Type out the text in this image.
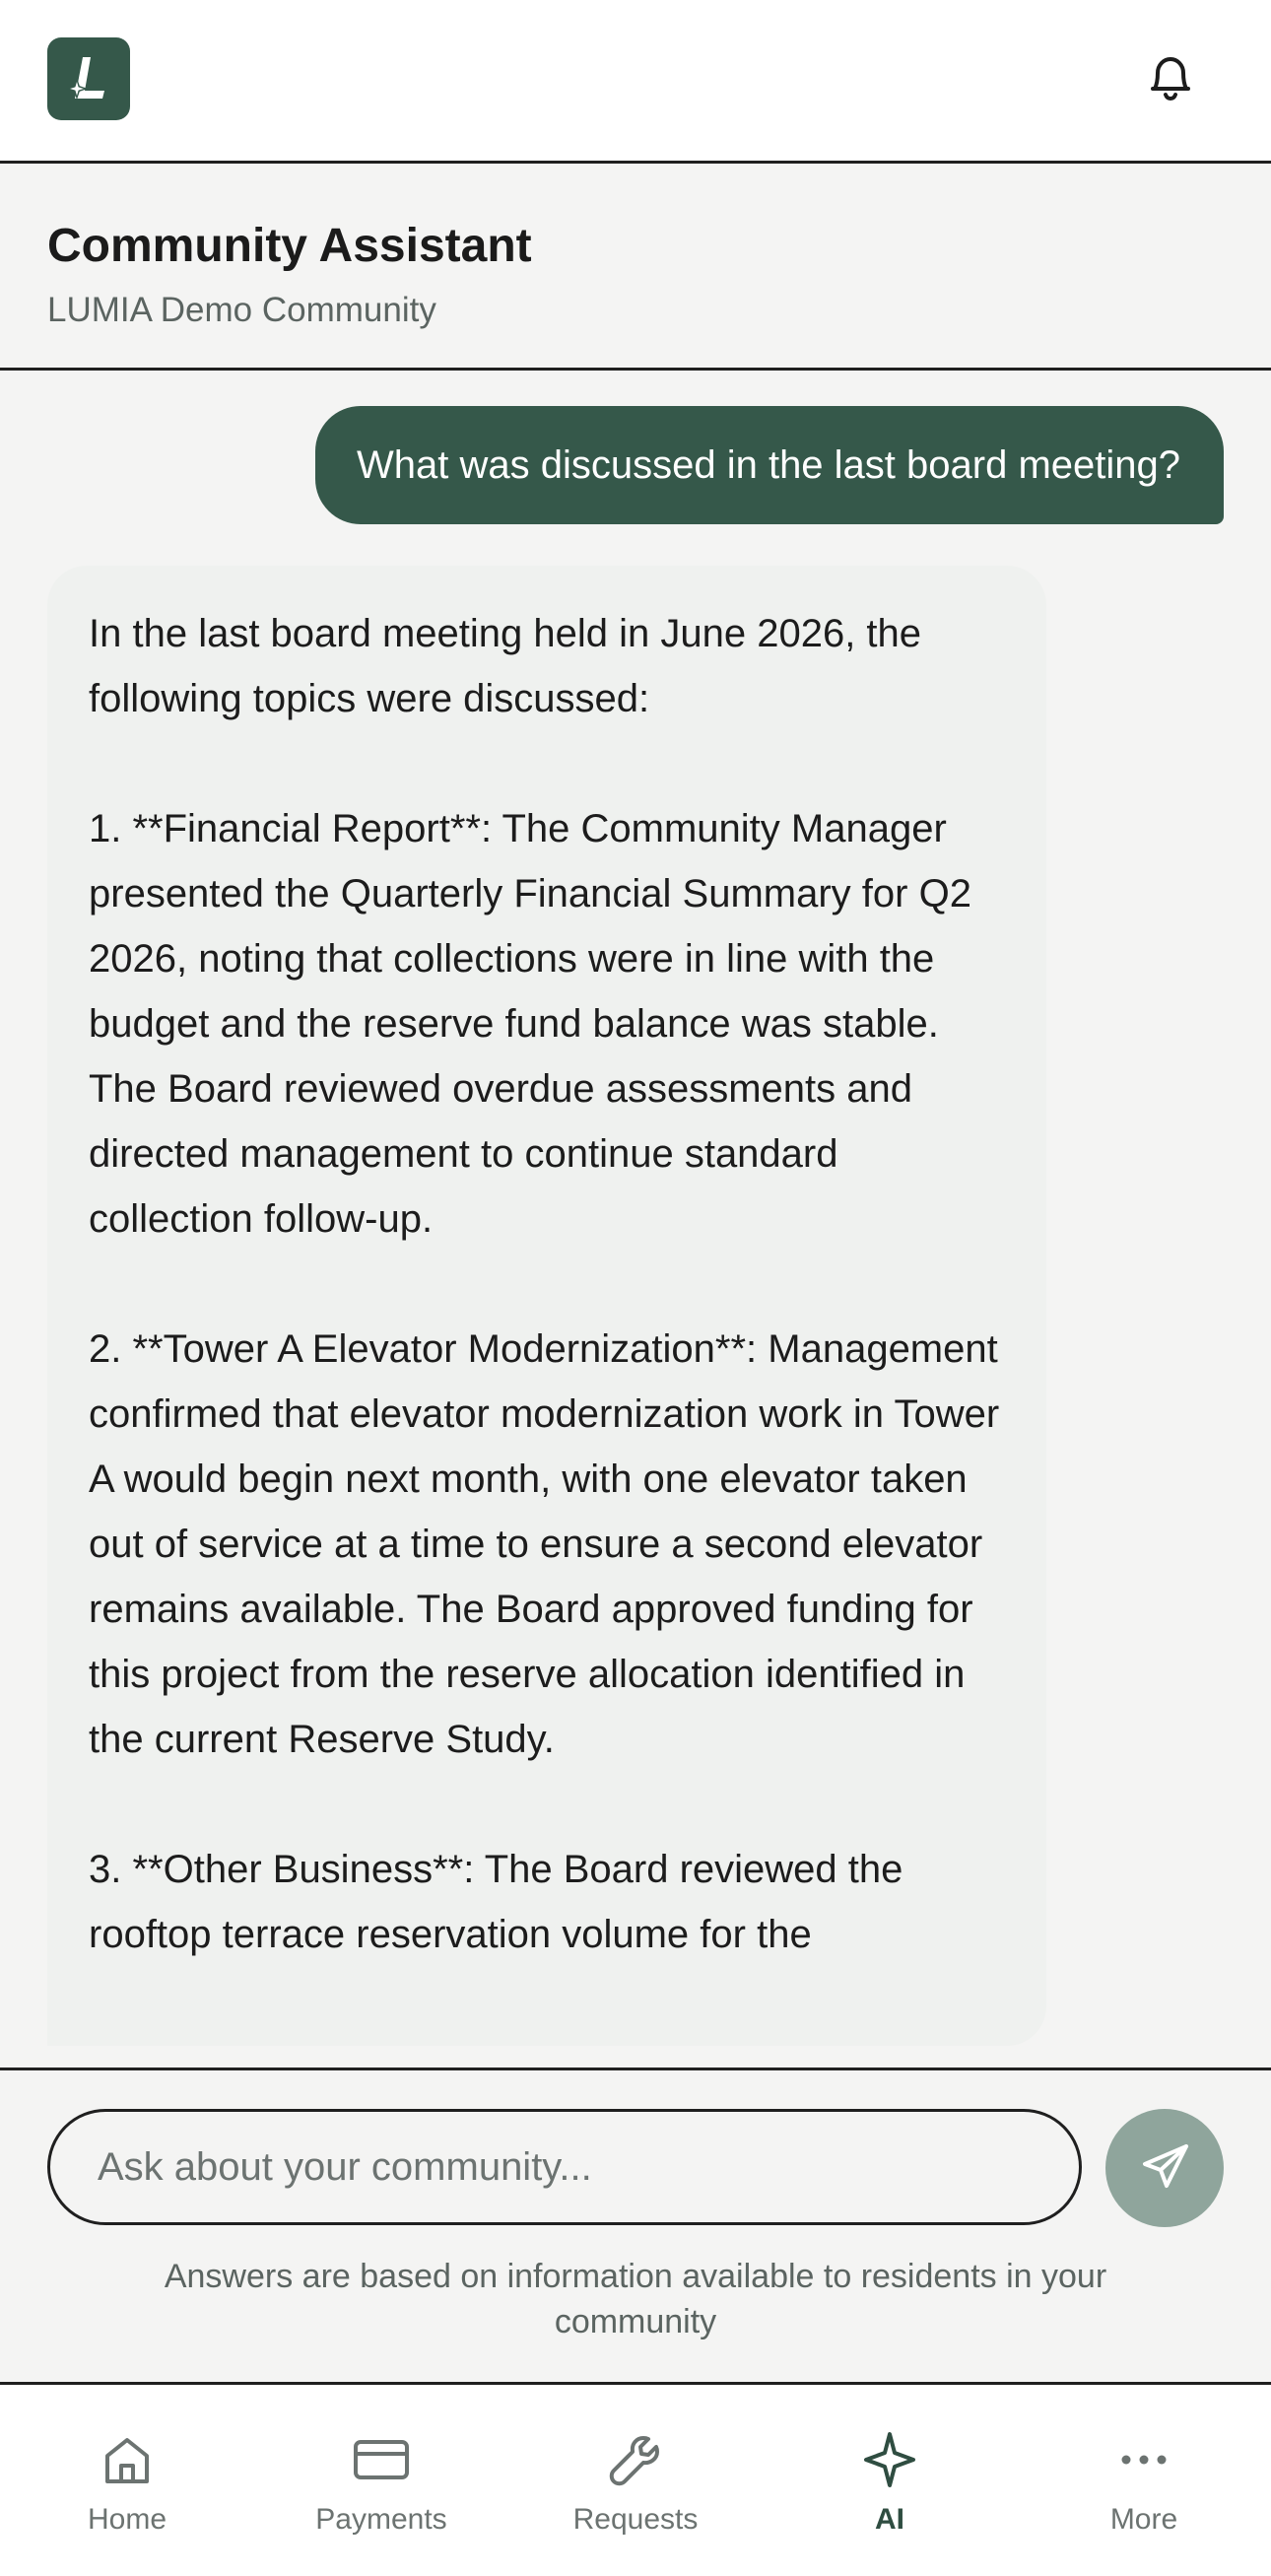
Community Assistant
LUMIA Demo Community
What was discussed in the last board meeting?
In the last board meeting held in June 2026, the following topics were discussed:

1. **Financial Report**: The Community Manager presented the Quarterly Financial Summary for Q2 2026, noting that collections were in line with the budget and the reserve fund balance was stable. The Board reviewed overdue assessments and directed management to continue standard collection follow-up.

2. **Tower A Elevator Modernization**: Management confirmed that elevator modernization work in Tower A would begin next month, with one elevator taken out of service at a time to ensure a second elevator remains available. The Board approved funding for this project from the reserve allocation identified in the current Reserve Study.

3. **Other Business**: The Board reviewed the rooftop terrace reservation volume for the
Ask about your community...
Answers are based on information available to residents in your community
Home	Payments	Requests	AI	More
